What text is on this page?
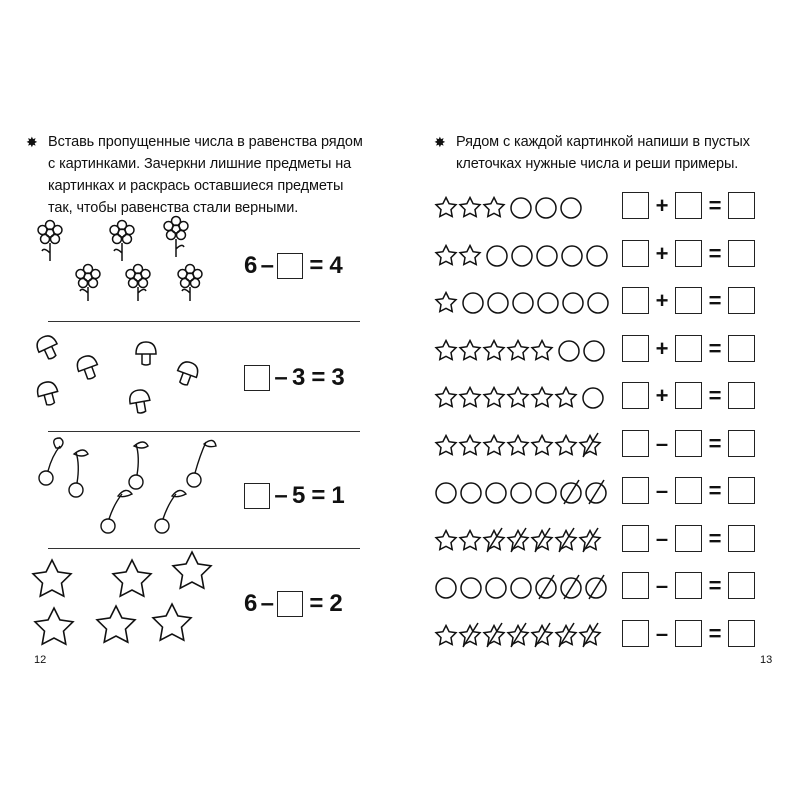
✸ Вставь пропущенные числа в равенства рядом
с картинками. Зачеркни лишние предметы на
картинках и раскрась оставшиеся предметы
так, чтобы равенства стали верными.
6 – = 4
– 3 = 3
– 5 = 1
6 – = 2
12
✸ Рядом с каждой картинкой напиши в пустых
клеточках нужные числа и реши примеры.
+ =
+ =
+ =
+ =
+ =
–	=
–	=
–	=
–	=
–	=
13
